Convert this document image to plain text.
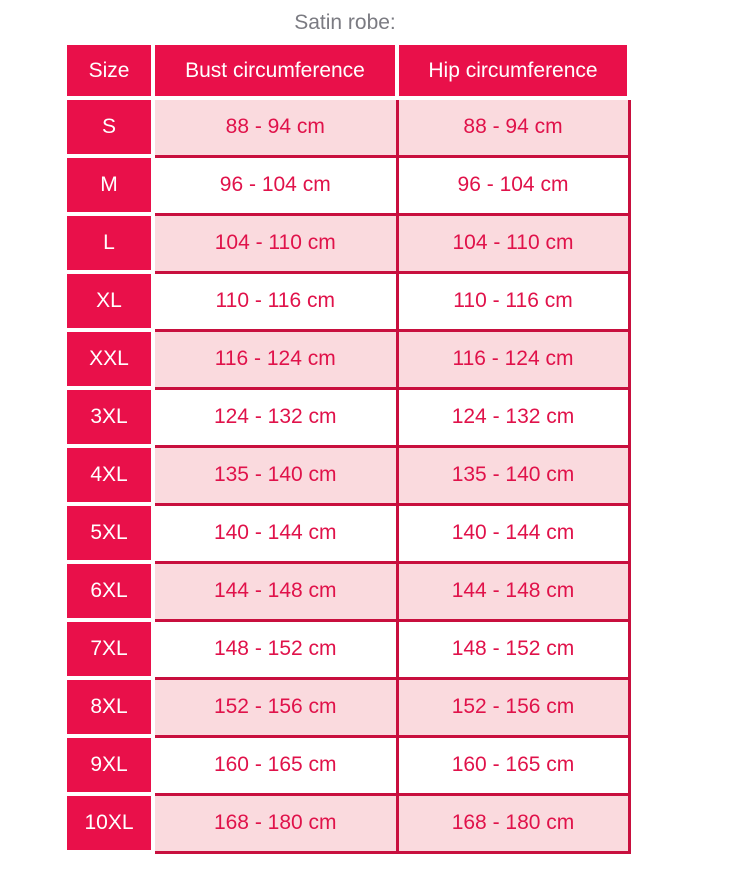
Satin robe:
Size	Bust circumference	Hip circumference
S	88 - 94 cm	88 - 94 cm
M	96 - 104 cm	96 - 104 cm
L	104 - 110 cm	104 - 110 cm
XL	110 - 116 cm	110 - 116 cm
XXL	116 - 124 cm	116 - 124 cm
3XL	124 - 132 cm	124 - 132 cm
4XL	135 - 140 cm	135 - 140 cm
5XL	140 - 144 cm	140 - 144 cm
6XL	144 - 148 cm	144 - 148 cm
7XL	148 - 152 cm	148 - 152 cm
8XL	152 - 156 cm	152 - 156 cm
9XL	160 - 165 cm	160 - 165 cm
10XL	168 - 180 cm	168 - 180 cm
